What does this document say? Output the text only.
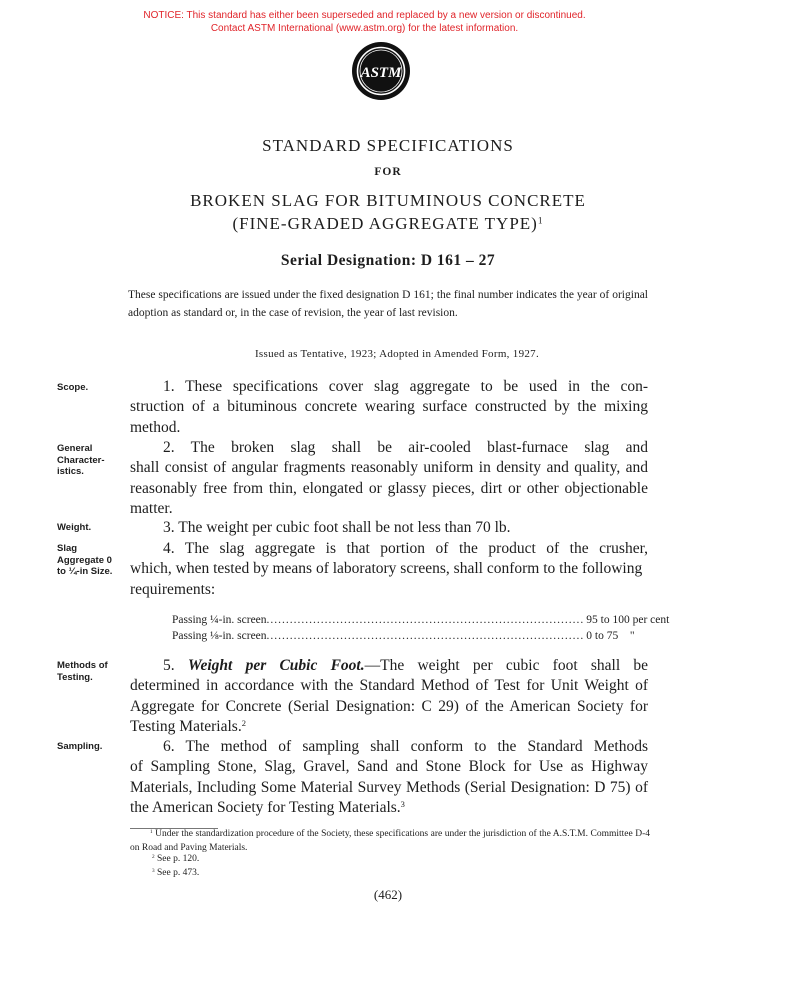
NOTICE: This standard has either been superseded and replaced by a new version or discontinued.
Contact ASTM International (www.astm.org) for the latest information.
ASTM
STANDARD SPECIFICATIONS
FOR
BROKEN SLAG FOR BITUMINOUS CONCRETE
(FINE-GRADED AGGREGATE TYPE)$^1$
Serial Designation: D 161 – 27
These specifications are issued under the fixed designation D 161; the final number indicates the year of original adoption as standard or, in the case of revision, the year of last revision.
Issued as Tentative, 1923; Adopted in Amended Form, 1927.
Scope.	1. These specifications cover slag aggregate to be used in the con-
struction of a bituminous concrete wearing surface constructed by the mixing method.
General Character-istics.
2. The broken slag shall be air-cooled blast-furnace slag and
shall consist of angular fragments reasonably uniform in density and quality, and reasonably free from thin, elongated or glassy pieces, dirt or other objectionable matter.
Weight.	3. The weight per cubic foot shall be not less than 70 lb.
Slag Aggregate 0 to ¼-in Size.
4. The slag aggregate is that portion of the product of the crusher,
which, when tested by means of laboratory screens, shall conform to the following requirements:
Passing ¼-in. screen .................................................................................. 95 to 100 per cent
Passing ⅛-in. screen .................................................................................. 0 to 75 "
Methods of Testing.
5. Weight per Cubic Foot.—The weight per cubic foot shall be
determined in accordance with the Standard Method of Test for Unit Weight of Aggregate for Concrete (Serial Designation: C 29) of the American Society for Testing Materials.$^2$
Sampling.	6. The method of sampling shall conform to the Standard Methods
of Sampling Stone, Slag, Gravel, Sand and Stone Block for Use as Highway Materials, Including Some Material Survey Methods (Serial Designation: D 75) of the American Society for Testing Materials.$^3$
$^1$ Under the standardization procedure of the Society, these specifications are under the jurisdiction of the A.S.T.M. Committee D-4 on Road and Paving Materials.
$^2$ See p. 120.
$^3$ See p. 473.
(462)
